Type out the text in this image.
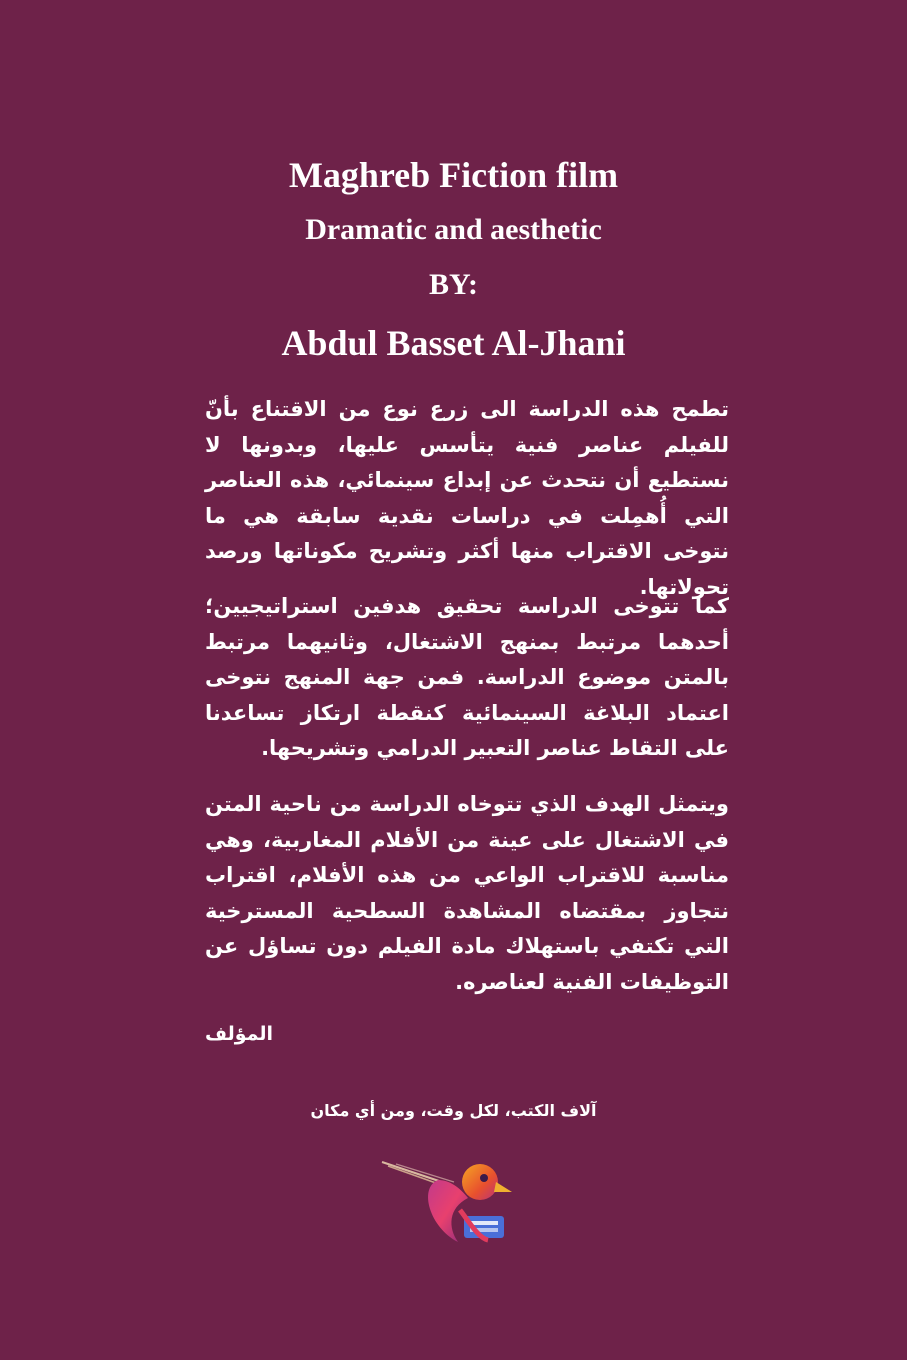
Maghreb Fiction film
Dramatic and aesthetic
BY:
Abdul Basset Al-Jhani
تطمح هذه الدراسة الى زرع نوع من الاقتناع بأنّ للفيلم عناصر فنية يتأسس عليها، وبدونها لا نستطيع أن نتحدث عن إبداع سينمائي، هذه العناصر التي أُهمِلت في دراسات نقدية سابقة هي ما نتوخى الاقتراب منها أكثر وتشريح مكوناتها ورصد تحولاتها.
كما تتوخى الدراسة تحقيق هدفين استراتيجيين؛ أحدهما مرتبط بمنهج الاشتغال، وثانيهما مرتبط بالمتن موضوع الدراسة. فمن جهة المنهج نتوخى اعتماد البلاغة السينمائية كنقطة ارتكاز تساعدنا على التقاط عناصر التعبير الدرامي وتشريحها.
ويتمثل الهدف الذي تتوخاه الدراسة من ناحية المتن في الاشتغال على عينة من الأفلام المغاربية، وهي مناسبة للاقتراب الواعي من هذه الأفلام، اقتراب نتجاوز بمقتضاه المشاهدة السطحية المسترخية التي تكتفي باستهلاك مادة الفيلم دون تساؤل عن التوظيفات الفنية لعناصره.
المؤلف
آلاف الكتب، لكل وقت، ومن أي مكان
